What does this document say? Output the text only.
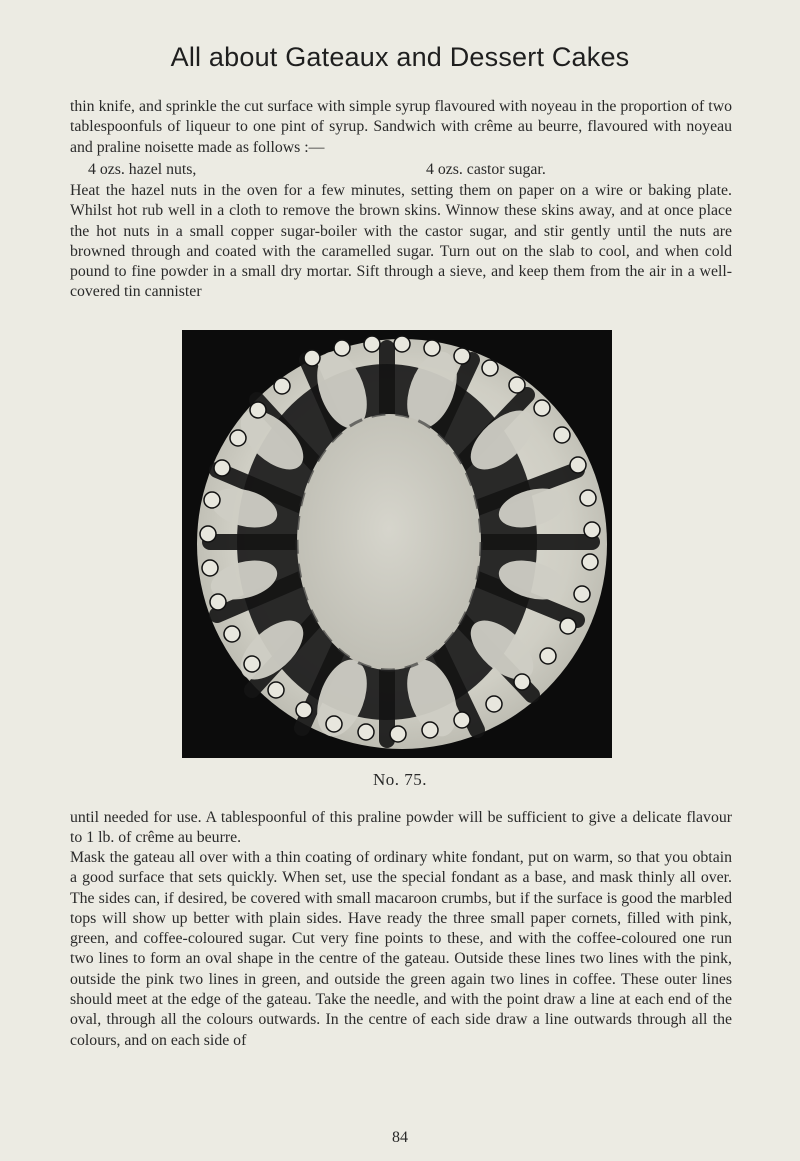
All about Gateaux and Dessert Cakes

thin knife, and sprinkle the cut surface with simple syrup flavoured with noyeau in the proportion of two tablespoonfuls of liqueur to one pint of syrup. Sandwich with crême au beurre, flavoured with noyeau and praline noisette made as follows :—

4 ozs. hazel nuts,	4 ozs. castor sugar.

Heat the hazel nuts in the oven for a few minutes, setting them on paper on a wire or baking plate. Whilst hot rub well in a cloth to remove the brown skins. Winnow these skins away, and at once place the hot nuts in a small copper sugar-boiler with the castor sugar, and stir gently until the nuts are browned through and coated with the caramelled sugar. Turn out on the slab to cool, and when cold pound to fine powder in a small dry mortar. Sift through a sieve, and keep them from the air in a well-covered tin cannister

No. 75.

until needed for use. A tablespoonful of this praline powder will be sufficient to give a delicate flavour to 1 lb. of crême au beurre.

Mask the gateau all over with a thin coating of ordinary white fondant, put on warm, so that you obtain a good surface that sets quickly. When set, use the special fondant as a base, and mask thinly all over. The sides can, if desired, be covered with small macaroon crumbs, but if the surface is good the marbled tops will show up better with plain sides. Have ready the three small paper cornets, filled with pink, green, and coffee-coloured sugar. Cut very fine points to these, and with the coffee-coloured one run two lines to form an oval shape in the centre of the gateau. Outside these lines two lines with the pink, outside the pink two lines in green, and outside the green again two lines in coffee. These outer lines should meet at the edge of the gateau. Take the needle, and with the point draw a line at each end of the oval, through all the colours outwards. In the centre of each side draw a line outwards through all the colours, and on each side of

84
